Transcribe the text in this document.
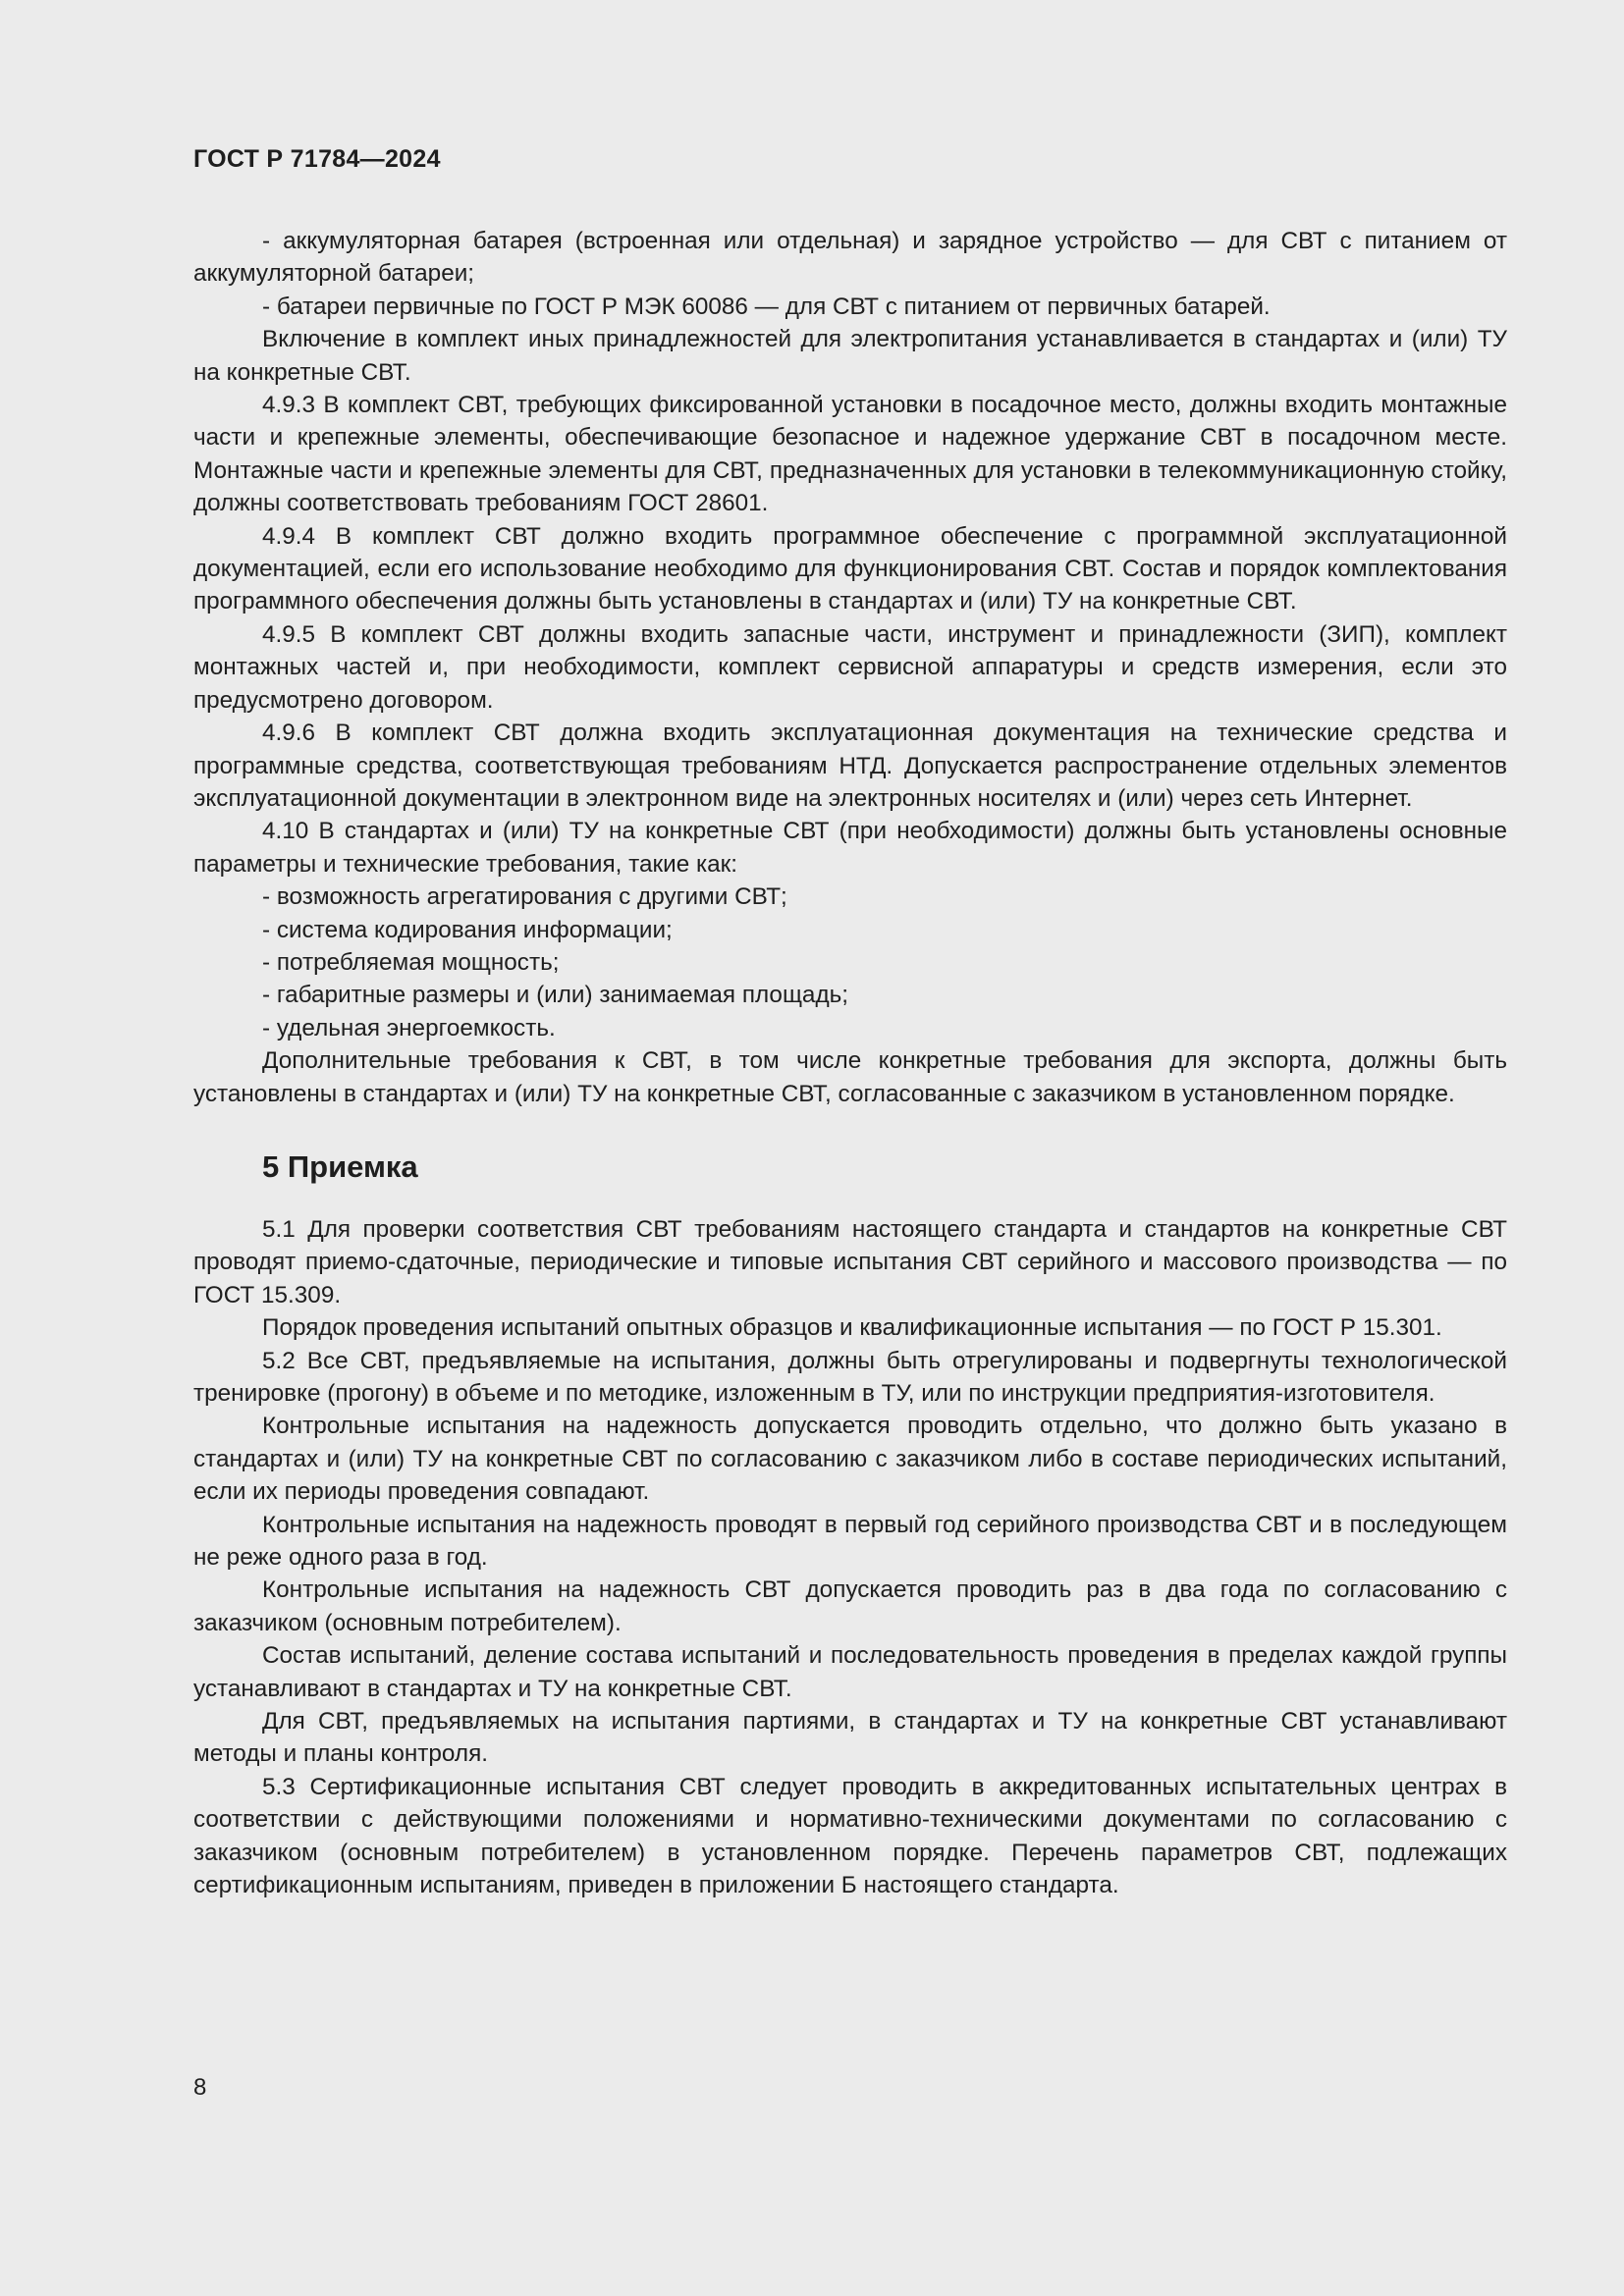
ГОСТ Р 71784—2024

- аккумуляторная батарея (встроенная или отдельная) и зарядное устройство — для СВТ с питанием от аккумуляторной батареи;

- батареи первичные по ГОСТ Р МЭК 60086 — для СВТ с питанием от первичных батарей.

Включение в комплект иных принадлежностей для электропитания устанавливается в стандартах и (или) ТУ на конкретные СВТ.

4.9.3 В комплект СВТ, требующих фиксированной установки в посадочное место, должны входить монтажные части и крепежные элементы, обеспечивающие безопасное и надежное удержание СВТ в посадочном месте. Монтажные части и крепежные элементы для СВТ, предназначенных для установки в телекоммуникационную стойку, должны соответствовать требованиям ГОСТ 28601.

4.9.4 В комплект СВТ должно входить программное обеспечение с программной эксплуатационной документацией, если его использование необходимо для функционирования СВТ. Состав и порядок комплектования программного обеспечения должны быть установлены в стандартах и (или) ТУ на конкретные СВТ.

4.9.5 В комплект СВТ должны входить запасные части, инструмент и принадлежности (ЗИП), комплект монтажных частей и, при необходимости, комплект сервисной аппаратуры и средств измерения, если это предусмотрено договором.

4.9.6 В комплект СВТ должна входить эксплуатационная документация на технические средства и программные средства, соответствующая требованиям НТД. Допускается распространение отдельных элементов эксплуатационной документации в электронном виде на электронных носителях и (или) через сеть Интернет.

4.10 В стандартах и (или) ТУ на конкретные СВТ (при необходимости) должны быть установлены основные параметры и технические требования, такие как:

- возможность агрегатирования с другими СВТ;

- система кодирования информации;

- потребляемая мощность;

- габаритные размеры и (или) занимаемая площадь;

- удельная энергоемкость.

Дополнительные требования к СВТ, в том числе конкретные требования для экспорта, должны быть установлены в стандартах и (или) ТУ на конкретные СВТ, согласованные с заказчиком в установленном порядке.

5 Приемка

5.1 Для проверки соответствия СВТ требованиям настоящего стандарта и стандартов на конкретные СВТ проводят приемо-сдаточные, периодические и типовые испытания СВТ серийного и массового производства — по ГОСТ 15.309.

Порядок проведения испытаний опытных образцов и квалификационные испытания — по ГОСТ Р 15.301.

5.2 Все СВТ, предъявляемые на испытания, должны быть отрегулированы и подвергнуты технологической тренировке (прогону) в объеме и по методике, изложенным в ТУ, или по инструкции предприятия-изготовителя.

Контрольные испытания на надежность допускается проводить отдельно, что должно быть указано в стандартах и (или) ТУ на конкретные СВТ по согласованию с заказчиком либо в составе периодических испытаний, если их периоды проведения совпадают.

Контрольные испытания на надежность проводят в первый год серийного производства СВТ и в последующем не реже одного раза в год.

Контрольные испытания на надежность СВТ допускается проводить раз в два года по согласованию с заказчиком (основным потребителем).

Состав испытаний, деление состава испытаний и последовательность проведения в пределах каждой группы устанавливают в стандартах и ТУ на конкретные СВТ.

Для СВТ, предъявляемых на испытания партиями, в стандартах и ТУ на конкретные СВТ устанавливают методы и планы контроля.

5.3 Сертификационные испытания СВТ следует проводить в аккредитованных испытательных центрах в соответствии с действующими положениями и нормативно-техническими документами по согласованию с заказчиком (основным потребителем) в установленном порядке. Перечень параметров СВТ, подлежащих сертификационным испытаниям, приведен в приложении Б настоящего стандарта.

8
